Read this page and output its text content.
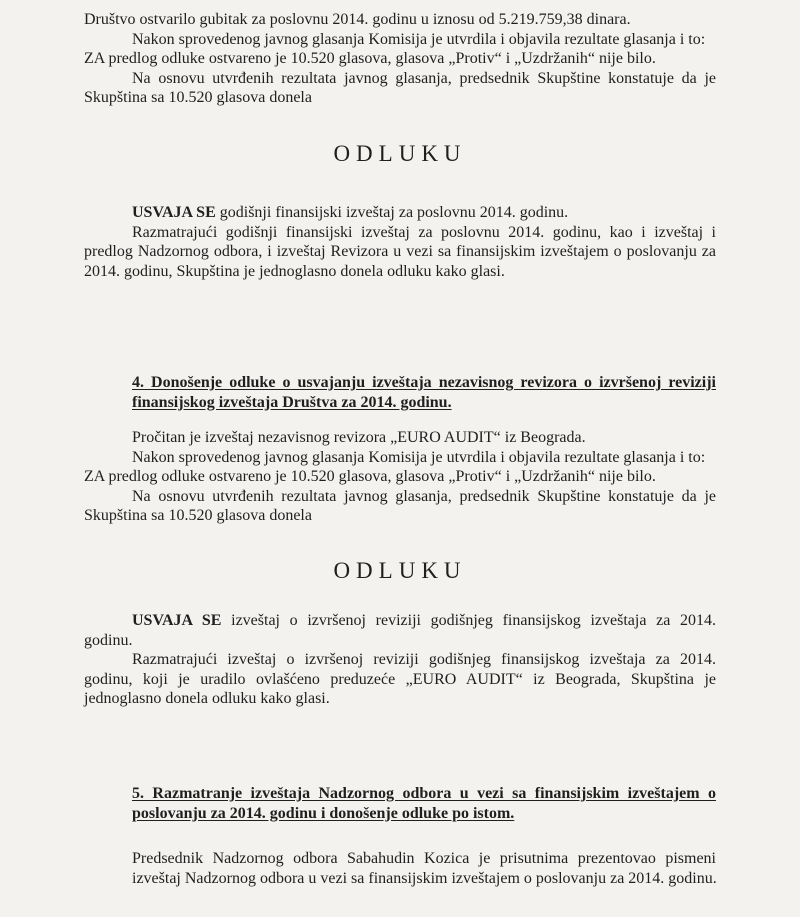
Društvo ostvarilo gubitak za poslovnu 2014. godinu u iznosu od 5.219.759,38 dinara.
Nakon sprovedenog javnog glasanja Komisija je utvrdila i objavila rezultate glasanja i to:
ZA predlog odluke ostvareno je 10.520 glasova, glasova „Protiv“ i „Uzdržanih“ nije bilo.
Na osnovu utvrđenih rezultata javnog glasanja, predsednik Skupštine konstatuje da je
Skupština sa 10.520 glasova donela
ODLUKU
USVAJA SE godišnji finansijski izveštaj za poslovnu 2014. godinu.
Razmatrajući godišnji finansijski izveštaj za poslovnu 2014. godinu, kao i izveštaj i
predlog Nadzornog odbora, i izveštaj Revizora u vezi sa finansijskim izveštajem o poslovanju za
2014. godinu, Skupština je jednoglasno donela odluku kako glasi.
4. Donošenje odluke o usvajanju izveštaja nezavisnog revizora o izvršenoj reviziji
finansijskog izveštaja Društva za 2014. godinu.
Pročitan je izveštaj nezavisnog revizora „EURO AUDIT“ iz Beograda.
Nakon sprovedenog javnog glasanja Komisija je utvrdila i objavila rezultate glasanja i to:
ZA predlog odluke ostvareno je 10.520 glasova, glasova „Protiv“ i „Uzdržanih“ nije bilo.
Na osnovu utvrđenih rezultata javnog glasanja, predsednik Skupštine konstatuje da je
Skupština sa 10.520 glasova donela
ODLUKU
USVAJA SE izveštaj o izvršenoj reviziji godišnjeg finansijskog izveštaja za 2014.
godinu.
Razmatrajući izveštaj o izvršenoj reviziji godišnjeg finansijskog izveštaja za 2014.
godinu, koji je uradilo ovlašćeno preduzeće „EURO AUDIT“ iz Beograda, Skupština je
jednoglasno donela odluku kako glasi.
5. Razmatranje izveštaja Nadzornog odbora u vezi sa finansijskim izveštajem o
poslovanju za 2014. godinu i donošenje odluke po istom.
Predsednik Nadzornog odbora Sabahudin Kozica je prisutnima prezentovao pismeni
izveštaj Nadzornog odbora u vezi sa finansijskim izveštajem o poslovanju za 2014. godinu.
